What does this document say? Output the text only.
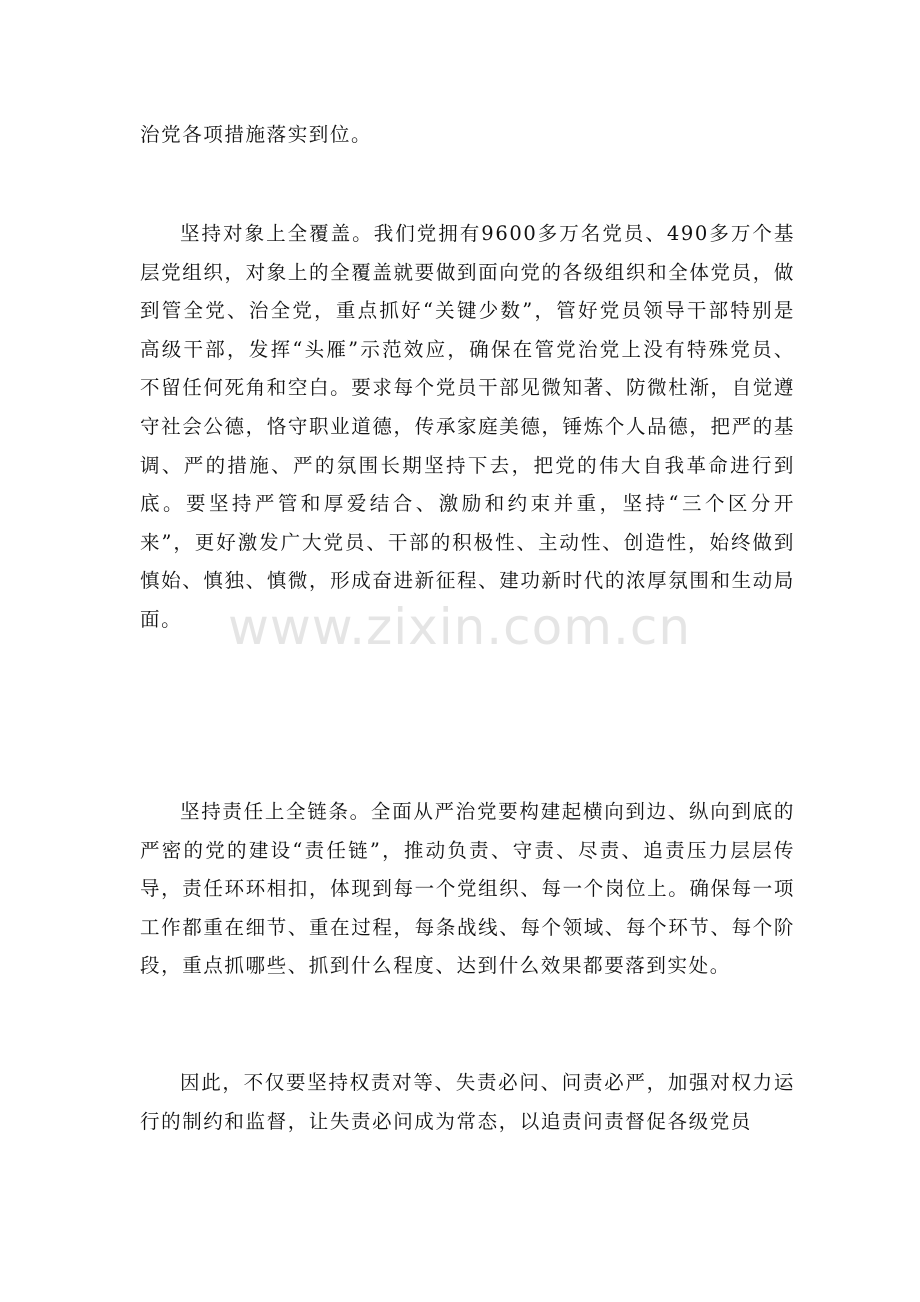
治党各项措施落实到位。

坚持对象上全覆盖。我们党拥有9600多万名党员、490多万个基层党组织，对象上的全覆盖就要做到面向党的各级组织和全体党员，做到管全党、治全党，重点抓好“关键少数”，管好党员领导干部特别是高级干部，发挥“头雁”示范效应，确保在管党治党上没有特殊党员、不留任何死角和空白。要求每个党员干部见微知著、防微杜渐，自觉遵守社会公德，恪守职业道德，传承家庭美德，锤炼个人品德，把严的基调、严的措施、严的氛围长期坚持下去，把党的伟大自我革命进行到底。要坚持严管和厚爱结合、激励和约束并重，坚持“三个区分开来”，更好激发广大党员、干部的积极性、主动性、创造性，始终做到慎始、慎独、慎微，形成奋进新征程、建功新时代的浓厚氛围和生动局面。

坚持责任上全链条。全面从严治党要构建起横向到边、纵向到底的严密的党的建设“责任链”，推动负责、守责、尽责、追责压力层层传导，责任环环相扣，体现到每一个党组织、每一个岗位上。确保每一项工作都重在细节、重在过程，每条战线、每个领域、每个环节、每个阶段，重点抓哪些、抓到什么程度、达到什么效果都要落到实处。

因此，不仅要坚持权责对等、失责必问、问责必严，加强对权力运行的制约和监督，让失责必问成为常态，以追责问责督促各级党员

www.zixin.com.cn
